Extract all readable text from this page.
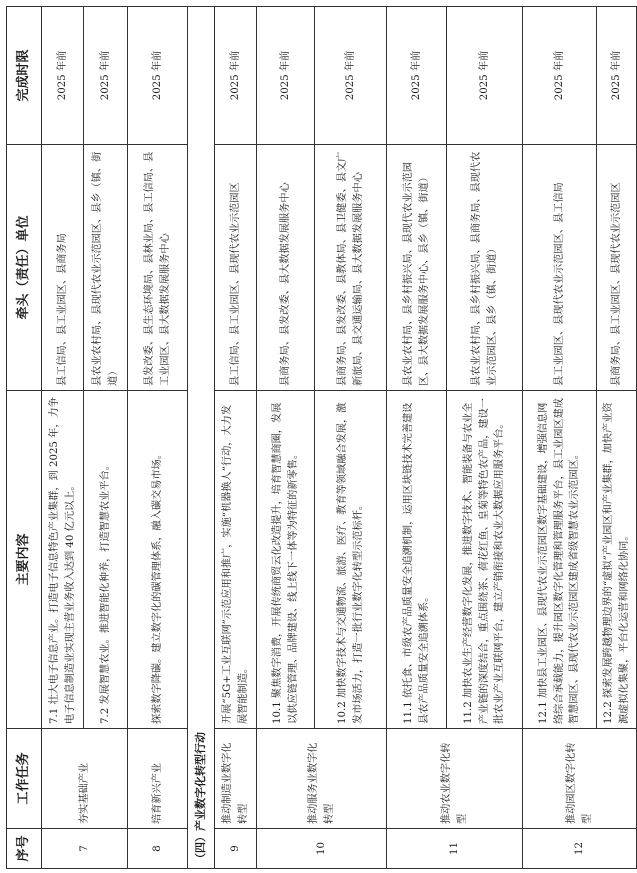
序号	工作任务	主要内容	牵头（责任）单位	完成时限
7	夯实基础产业	7.1 壮大电子信息产业。打造电子信息特色产业集群，到 2025 年，力争电子信息制造业实现主营业务收入达到 40 亿元以上。	县工信局、县工业园区、县商务局	2025 年前
		7.2 发展智慧农业。推进智能化种养，打造智慧农业平台。	县农业农村局、县现代农业示范园区、县乡（镇、街道）	2025 年前
8	培育新兴产业	探索数字降碳。建立数字化的碳管理体系，融入碳交易市场。	县发改委、县生态环境局、县林业局、县工信局、县工业园区、县大数据发展服务中心	2025 年前
（四）产业数字化转型行动				
9	推动制造业数字化转型	开展“5G+工业互联网”示范应用和推广，实施“机器换人”行动，大力发展智能制造。	县工信局、县工业园区、县现代农业示范园区	2025 年前
10	推动服务业数字化转型	10.1 聚焦数字消费，开展传统商贸云化改造提升，培育智慧商圈，发展以供应链管理、品牌建设、线上线下一体等为特征的新零售。	县商务局、县发改委、县大数据发展服务中心	2025 年前
		10.2 加快数字技术与交通物流、旅游、医疗、教育等领域融合发展，激发市场活力，打造一批行业数字化转型示范标杆。	县商务局、县发改委、县教体局、县卫健委、县文广新旅局、县交通运输局、县大数据发展服务中心	2025 年前
11	推动农业数字化转型	11.1 依托食、市级农产品质量安全追溯机制，运用区块链技术完善建设县农产品质量安全追溯体系。	县农业农村局、县乡村振兴局、县现代农业示范园区、县大数据发展服务中心、县乡（镇、街道）	2025 年前
		11.2 加快农业生产经营数字化发展，推进数字技术、智能装备与农业全产业链的深度结合，重点围绕茶、荷花红鱼、皇菊等特色农产品，建设一批农业产业互联网平台，建立产销衔接和农业大数据应用服务平台。	县农业农村局、县乡村振兴局、县商务局、县现代农业示范园区、县乡（镇、街道）	2025 年前
12	推动园区数字化转型	12.1 加快县工业园区、县现代农业示范园区数字基础建设，增强信息网络综合承载能力，提升园区数字化管理和管理服务平台，县工业园区建成智慧园区、县现代农业示范园区建成省级智慧农业示范园区。	县工业园区、县现代农业示范园区、县工信局	2025 年前
		12.2 探索发展跨越物理边界的“虚拟”产业园区和产业集群，加快产业资源虚拟化集聚，平台化运营和网络化协同。	县商务局、县工业园区、县现代农业示范园区	2025 年前
